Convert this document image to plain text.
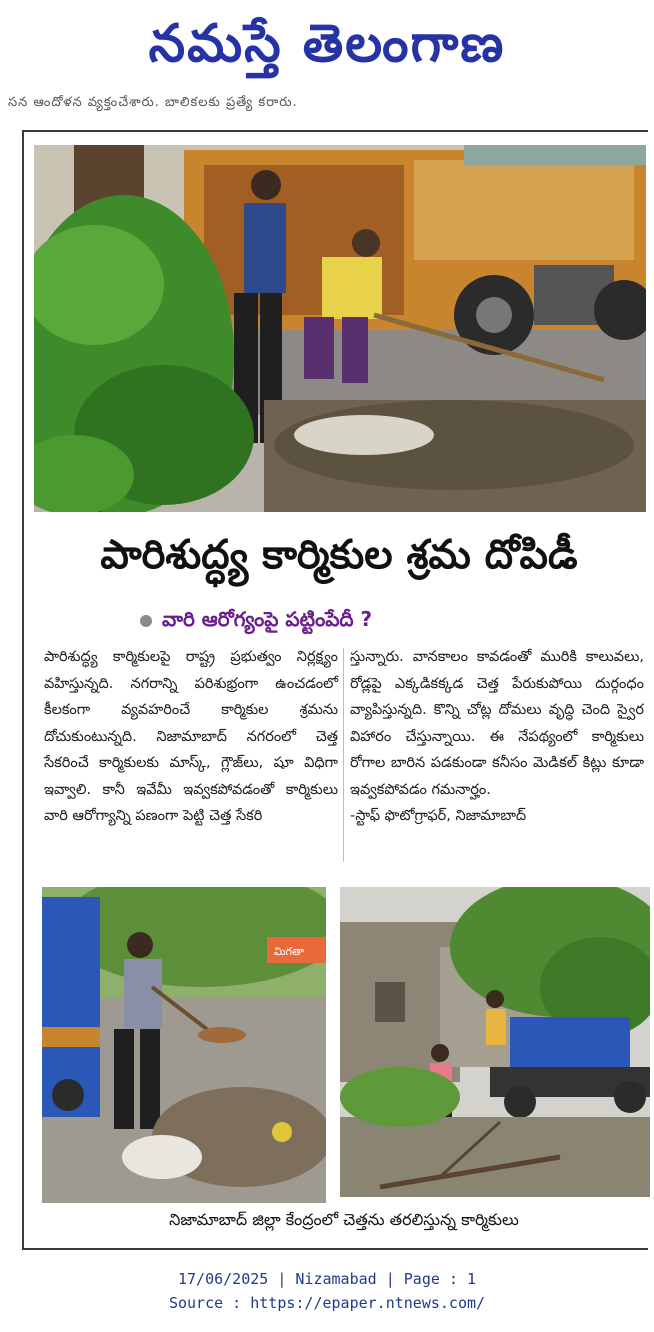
నమస్తే తెలంగాణ
సన ఆందోళన వ్యక్తంచేశారు. బాలికలకు ప్రత్యే కరారు.
పారిశుద్ధ్య కార్మికుల శ్రమ దోపిడీ
వారి ఆరోగ్యంపై పట్టింపేదీ ?

పారిశుద్ధ్య కార్మికులపై రాష్ట్ర ప్రభుత్వం నిర్లక్ష్యం వహిస్తున్నది. నగరాన్ని పరిశుభ్రంగా ఉంచడంలో కీలకంగా వ్యవహరించే కార్మికుల శ్రమను దోచుకుంటున్నది. నిజామాబాద్ నగరంలో చెత్త సేకరించే కార్మికులకు మాస్క్, గ్లౌజ్‌లు, షూ విధిగా ఇవ్వాలి. కానీ ఇవేమీ ఇవ్వకపోవడంతో కార్మికులు వారి ఆరోగ్యాన్ని పణంగా పెట్టి చెత్త సేకరి

స్తున్నారు. వానకాలం కావడంతో మురికి కాలువలు, రోడ్లపై ఎక్కడికక్కడ చెత్త పేరుకుపోయి దుర్గంధం వ్యాపిస్తున్నది. కొన్ని చోట్ల దోమలు వృద్ధి చెంది స్వైర విహారం చేస్తున్నాయి. ఈ నేపథ్యంలో కార్మికులు రోగాల బారిన పడకుండా కనీసం మెడికల్ కిట్లు కూడా ఇవ్వకపోవడం గమనార్హం.

-స్టాఫ్ ఫొటోగ్రాఫర్, నిజామాబాద్

మిగతా
నిజామాబాద్ జిల్లా కేంద్రంలో చెత్తను తరలిస్తున్న కార్మికులు
17/06/2025 | Nizamabad | Page : 1
Source : https://epaper.ntnews.com/
